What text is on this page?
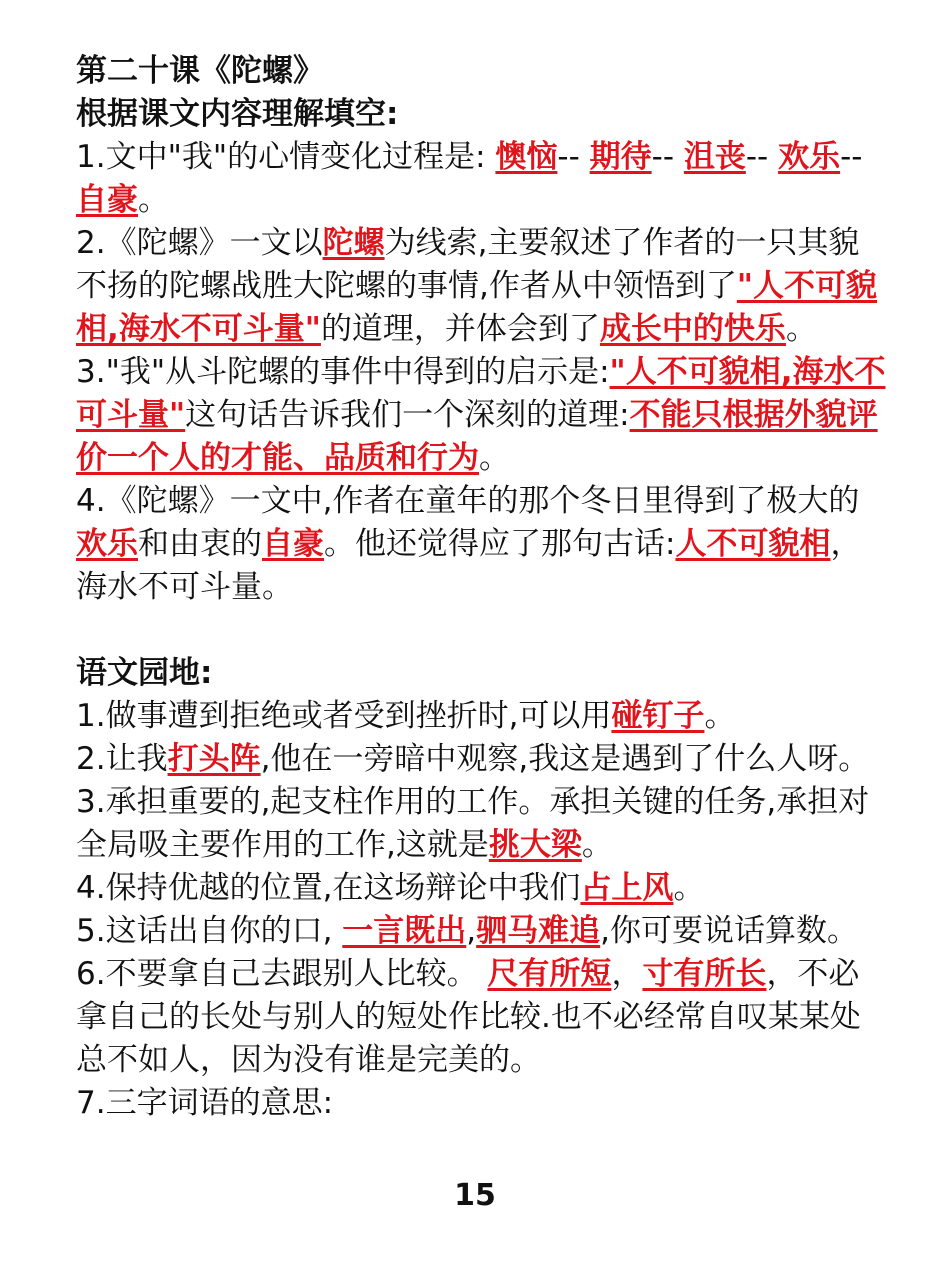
第二十课《陀螺》

根据课文内容理解填空:

1.文中"我"的心情变化过程是: 懊恼-- 期待-- 沮丧-- 欢乐--自豪。

2.《陀螺》一文以陀螺为线索,主要叙述了作者的一只其貌不扬的陀螺战胜大陀螺的事情,作者从中领悟到了"人不可貌相,海水不可斗量"的道理，并体会到了成长中的快乐。

3."我"从斗陀螺的事件中得到的启示是:"人不可貌相,海水不可斗量"这句话告诉我们一个深刻的道理:不能只根据外貌评价一个人的才能、品质和行为。

4.《陀螺》一文中,作者在童年的那个冬日里得到了极大的 欢乐和由衷的自豪。他还觉得应了那句古话:人不可貌相，海水不可斗量。

语文园地:

1.做事遭到拒绝或者受到挫折时,可以用碰钉子。

2.让我打头阵,他在一旁暗中观察,我这是遇到了什么人呀。

3.承担重要的,起支柱作用的工作。承担关键的任务,承担对全局吸主要作用的工作,这就是挑大梁。

4.保持优越的位置,在这场辩论中我们占上风。

5.这话出自你的口, 一言既出,驷马难追,你可要说话算数。

6.不要拿自己去跟别人比较。 尺有所短，寸有所长，不必拿自己的长处与别人的短处作比较.也不必经常自叹某某处总不如人，因为没有谁是完美的。

7.三字词语的意思:

15
